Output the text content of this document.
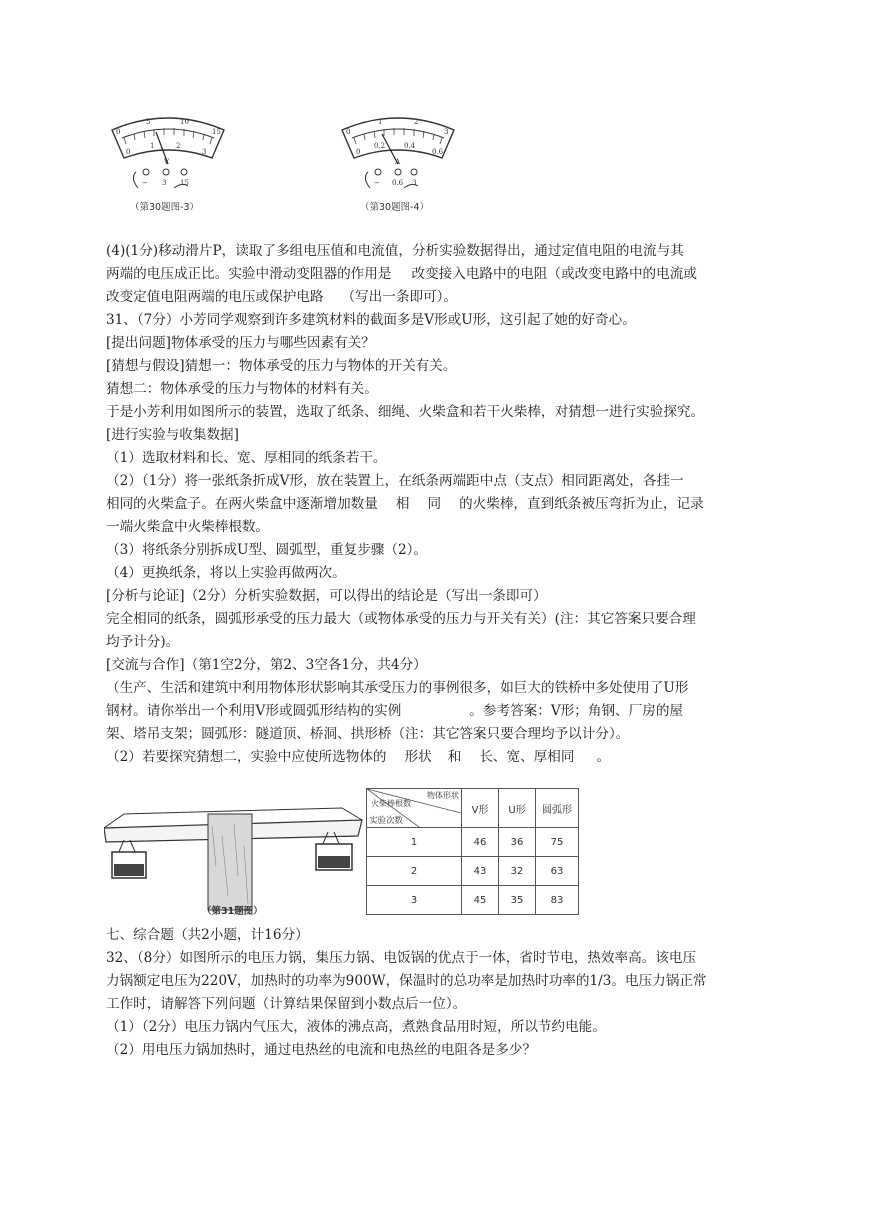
0
5	10
15
0
1	2
3
V
− 3 15
（第30题图-3）
0
1	2
3
0
0.2	0.4
0.6
A
− 0.6 3
（第30题图-4）
(4)(1分)移动滑片P，读取了多组电压值和电流值，分析实验数据得出，通过定值电阻的电流与其
两端的电压成正比。实验中滑动变阻器的作用是 改变接入电路中的电阻（或改变电路中的电流或
改变定值电阻两端的电压或保护电路 （写出一条即可）。
31、（7分）小芳同学观察到许多建筑材料的截面多是V形或U形，这引起了她的好奇心。
[提出问题]物体承受的压力与哪些因素有关？
[猜想与假设]猜想一：物体承受的压力与物体的开关有关。
猜想二：物体承受的压力与物体的材料有关。
于是小芳利用如图所示的装置，选取了纸条、细绳、火柴盒和若干火柴棒，对猜想一进行实验探究。
[进行实验与收集数据]
（1）选取材料和长、宽、厚相同的纸条若干。
（2）（1分）将一张纸条折成V形，放在装置上，在纸条两端距中点（支点）相同距离处，各挂一
相同的火柴盒子。在两火柴盒中逐渐增加数量 相 同 的火柴棒，直到纸条被压弯折为止，记录
一端火柴盒中火柴棒根数。
（3）将纸条分别拆成U型、圆弧型，重复步骤（2）。
（4）更换纸条，将以上实验再做两次。
[分析与论证]（2分）分析实验数据，可以得出的结论是（写出一条即可）
完全相同的纸条，圆弧形承受的压力最大（或物体承受的压力与开关有关）(注：其它答案只要合理
均予计分)。
[交流与合作]（第1空2分，第2、3空各1分，共4分）
（生产、生活和建筑中利用物体形状影响其承受压力的事例很多，如巨大的铁桥中多处使用了U形
钢材。请你举出一个利用V形或圆弧形结构的实例	。参考答案：V形；角钢、厂房的屋
架、塔吊支架；圆弧形：隧道顶、桥洞、拱形桥（注：其它答案只要合理均予以计分）。
（2）若要探究猜想二，实验中应使所选物体的 形状 和 长、宽、厚相同 。
（第31题图）
物体形状
火柴棒根数
实验次数	V形	U形	圆弧形
1	46	36	75
2	43	32	63
3	45	35	83
七、综合题（共2小题，计16分）
32、（8分）如图所示的电压力锅，集压力锅、电饭锅的优点于一体，省时节电，热效率高。该电压
力锅额定电压为220V，加热时的功率为900W，保温时的总功率是加热时功率的1/3。电压力锅正常
工作时，请解答下列问题（计算结果保留到小数点后一位）。
（1）（2分）电压力锅内气压大，液体的沸点高，煮熟食品用时短，所以节约电能。
（2）用电压力锅加热时，通过电热丝的电流和电热丝的电阻各是多少？
